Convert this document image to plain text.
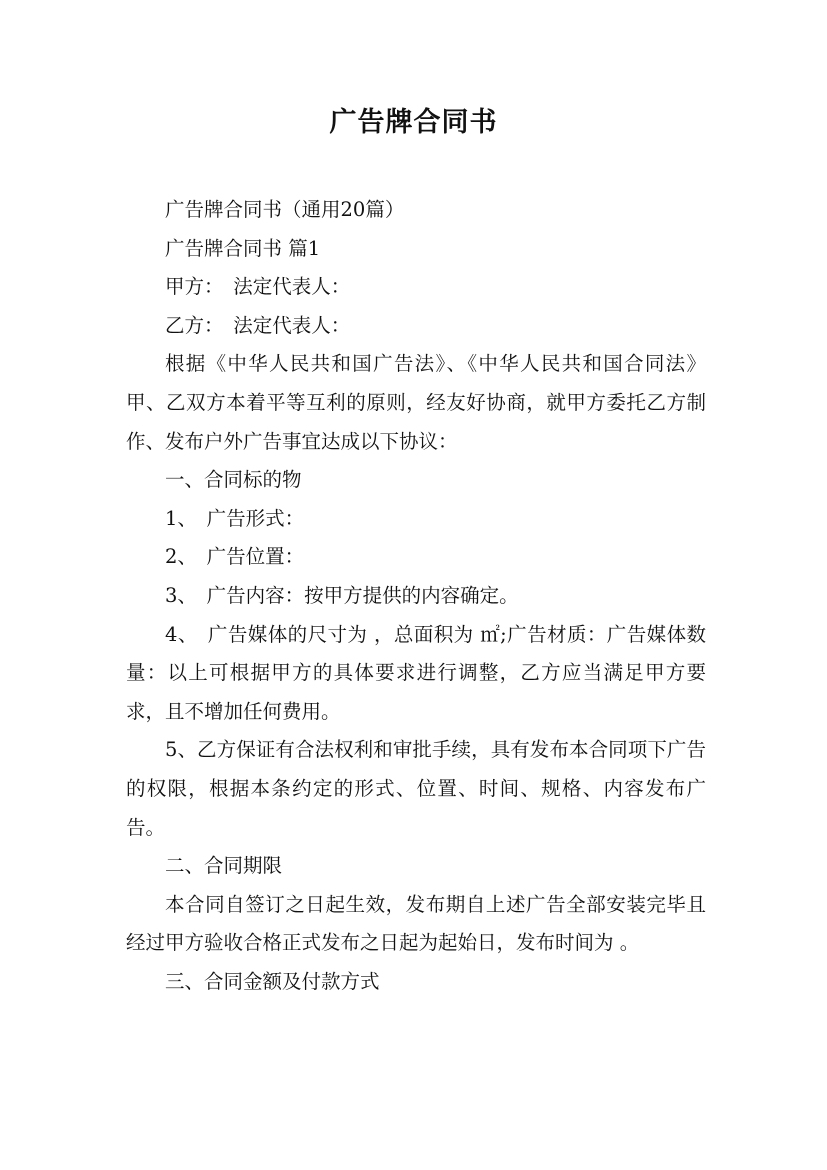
广告牌合同书

广告牌合同书（通用20篇）

广告牌合同书 篇1

甲方：　法定代表人：

乙方：　法定代表人：

根据《中华人民共和国广告法》、《中华人民共和国合同法》甲、乙双方本着平等互利的原则，经友好协商，就甲方委托乙方制作、发布户外广告事宜达成以下协议：

一、合同标的物

1、　广告形式：

2、　广告位置：

3、　广告内容：按甲方提供的内容确定。

4、　广告媒体的尺寸为 ，总面积为 ㎡;广告材质：广告媒体数量：以上可根据甲方的具体要求进行调整，乙方应当满足甲方要求，且不增加任何费用。

5、乙方保证有合法权利和审批手续，具有发布本合同项下广告的权限，根据本条约定的形式、位置、时间、规格、内容发布广告。

二、合同期限

本合同自签订之日起生效，发布期自上述广告全部安装完毕且经过甲方验收合格正式发布之日起为起始日，发布时间为 。

三、合同金额及付款方式
